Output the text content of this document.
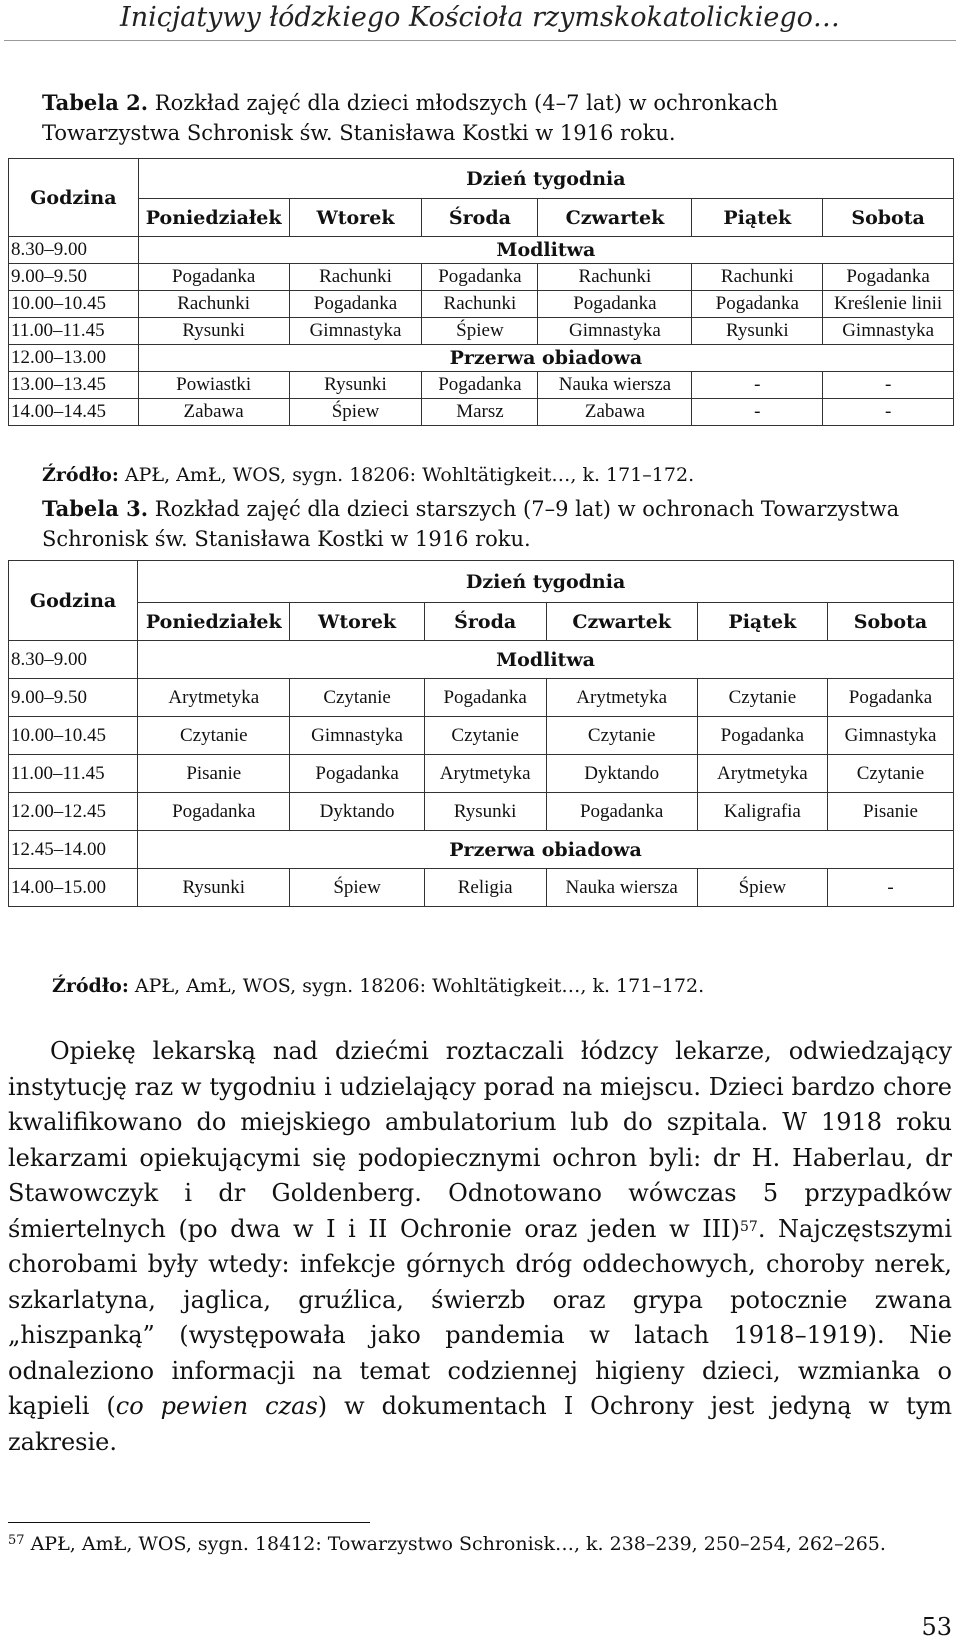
Inicjatywy łódzkiego Kościoła rzymskokatolickiego…
Tabela 2. Rozkład zajęć dla dzieci młodszych (4–7 lat) w ochronkach Towarzystwa Schronisk św. Stanisława Kostki w 1916 roku.
Godzina	Dzień tygodnia					
	Poniedziałek	Wtorek	Środa	Czwartek	Piątek	Sobota
8.30–9.00	Modlitwa					
9.00–9.50	Pogadanka	Rachunki	Pogadanka	Rachunki	Rachunki	Pogadanka
10.00–10.45	Rachunki	Pogadanka	Rachunki	Pogadanka	Pogadanka	Kreślenie linii
11.00–11.45	Rysunki	Gimnastyka	Śpiew	Gimnastyka	Rysunki	Gimnastyka
12.00–13.00	Przerwa obiadowa					
13.00–13.45	Powiastki	Rysunki	Pogadanka	Nauka wiersza	-	-
14.00–14.45	Zabawa	Śpiew	Marsz	Zabawa	-	-
Źródło: APŁ, AmŁ, WOS, sygn. 18206: Wohltätigkeit…, k. 171–172.
Tabela 3. Rozkład zajęć dla dzieci starszych (7–9 lat) w ochronach Towarzystwa Schronisk św. Stanisława Kostki w 1916 roku.
Godzina	Dzień tygodnia					
	Poniedziałek	Wtorek	Środa	Czwartek	Piątek	Sobota
8.30–9.00	Modlitwa					
9.00–9.50	Arytmetyka	Czytanie	Pogadanka	Arytmetyka	Czytanie	Pogadanka
10.00–10.45	Czytanie	Gimnastyka	Czytanie	Czytanie	Pogadanka	Gimnastyka
11.00–11.45	Pisanie	Pogadanka	Arytmetyka	Dyktando	Arytmetyka	Czytanie
12.00–12.45	Pogadanka	Dyktando	Rysunki	Pogadanka	Kaligrafia	Pisanie
12.45–14.00	Przerwa obiadowa					
14.00–15.00	Rysunki	Śpiew	Religia	Nauka wiersza	Śpiew	-
Źródło: APŁ, AmŁ, WOS, sygn. 18206: Wohltätigkeit…, k. 171–172.

Opiekę lekarską nad dziećmi roztaczali łódzcy lekarze, odwiedzający instytucję raz w tygodniu i udzielający porad na miejscu. Dzieci bardzo chore kwalifikowano do miejskiego ambulatorium lub do szpitala. W 1918 roku lekarzami opiekującymi się podopiecznymi ochron byli: dr H. Haberlau, dr Stawowczyk i dr Goldenberg. Odnotowano wówczas 5 przypadków śmiertelnych (po dwa w I i II Ochronie oraz jeden w III)$^{57}$. Najczęstszymi chorobami były wtedy: infekcje górnych dróg oddechowych, choroby nerek, szkarlatyna, jaglica, gruźlica, świerzb oraz grypa potocznie zwana „hiszpanką” (występowała jako pandemia w latach 1918–1919). Nie odnaleziono informacji na temat codziennej higieny dzieci, wzmianka o kąpieli (co pewien czas) w dokumentach I Ochrony jest jedyną w tym zakresie.

$^{57}$ APŁ, AmŁ, WOS, sygn. 18412: Towarzystwo Schronisk…, k. 238–239, 250–254, 262–265.

53
